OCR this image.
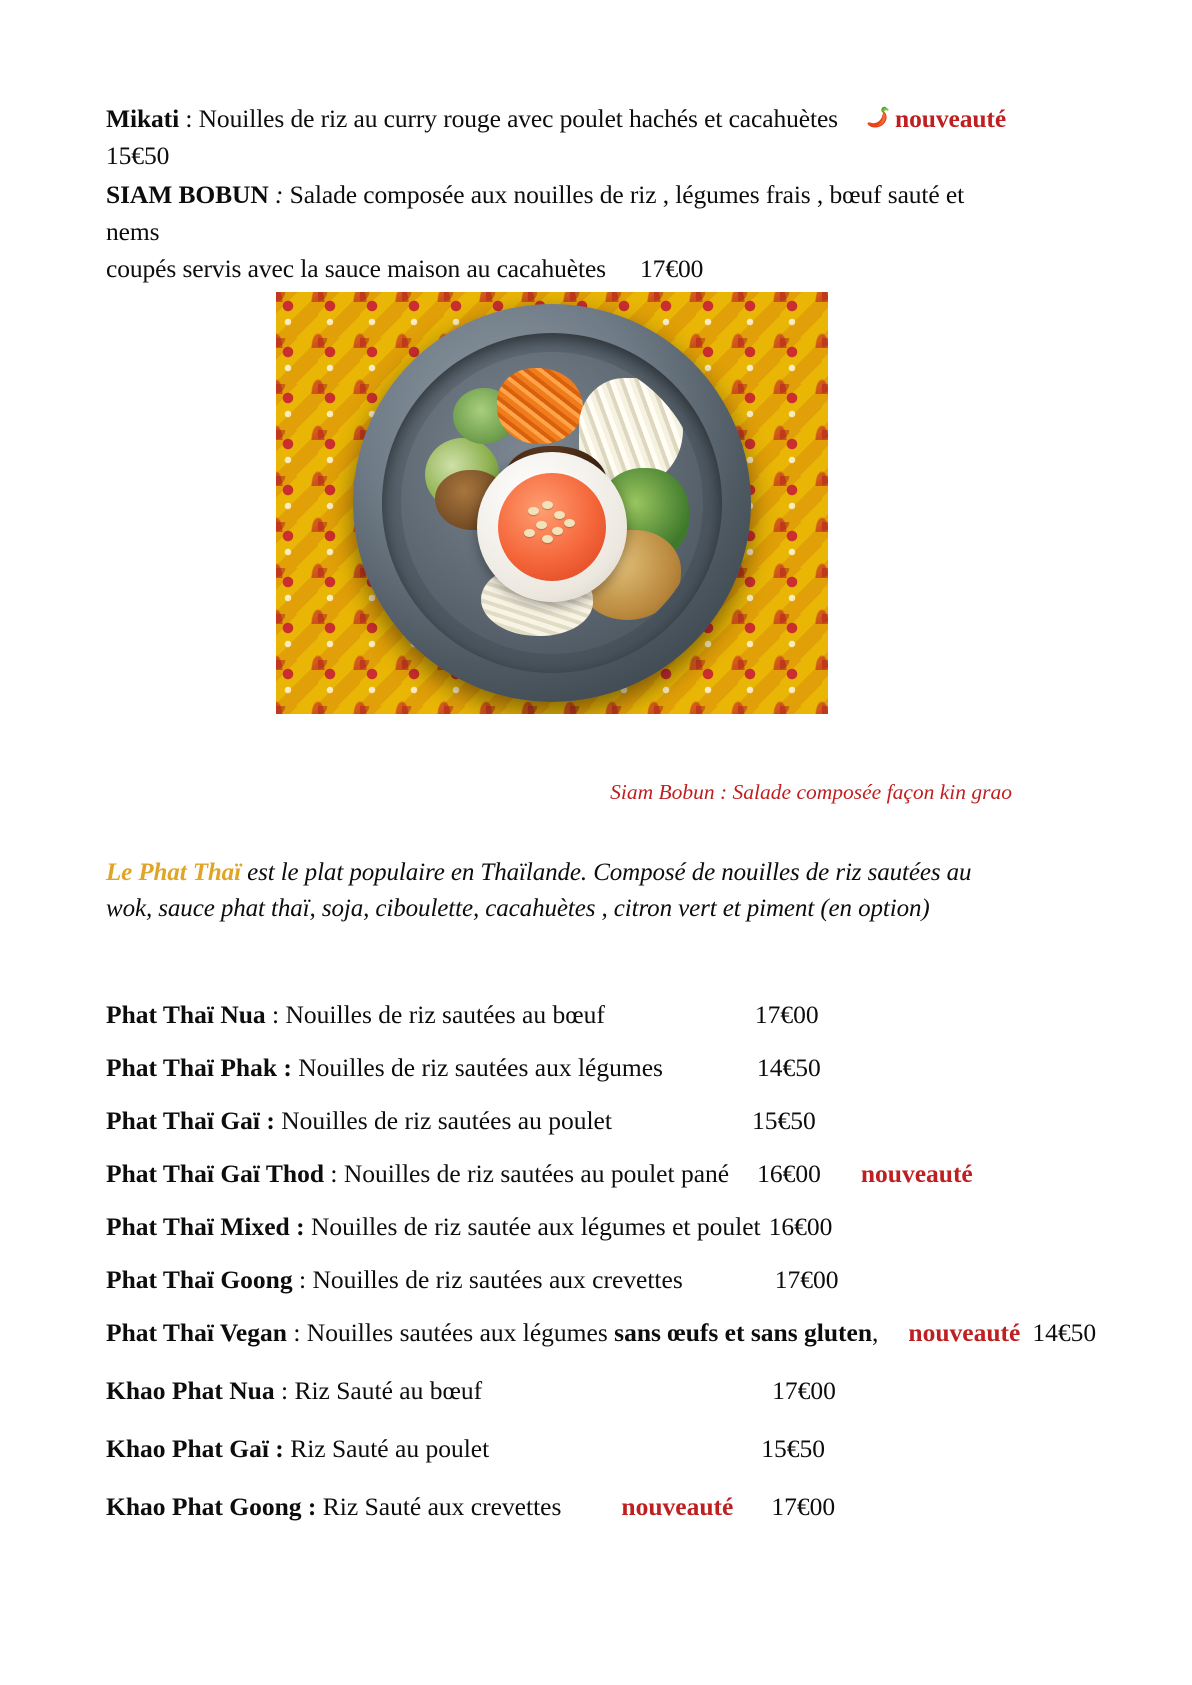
Mikati : Nouilles de riz au curry rouge avec poulet hachés et cacahuètes nouveauté
15€50
SIAM BOBUN : Salade composée aux nouilles de riz , légumes frais , bœuf sauté et nems
coupés servis avec la sauce maison au cacahuètes 17€00
Siam Bobun : Salade composée façon kin grao
Le Phat Thaï est le plat populaire en Thaïlande. Composé de nouilles de riz sautées au wok, sauce phat thaï, soja, ciboulette, cacahuètes , citron vert et piment (en option)
Phat Thaï Nua : Nouilles de riz sautées au bœuf	17€00
Phat Thaï Phak : Nouilles de riz sautées aux légumes	14€50
Phat Thaï Gaï : Nouilles de riz sautées au poulet	15€50
Phat Thaï Gaï Thod : Nouilles de riz sautées au poulet pané 16€00 nouveauté
Phat Thaï Mixed : Nouilles de riz sautée aux légumes et poulet 16€00
Phat Thaï Goong : Nouilles de riz sautées aux crevettes	17€00
Phat Thaï Vegan : Nouilles sautées aux légumes sans œufs et sans gluten, nouveauté 14€50
Khao Phat Nua : Riz Sauté au bœuf	17€00
Khao Phat Gaï : Riz Sauté au poulet	15€50
Khao Phat Goong : Riz Sauté aux crevettes nouveauté 17€00
